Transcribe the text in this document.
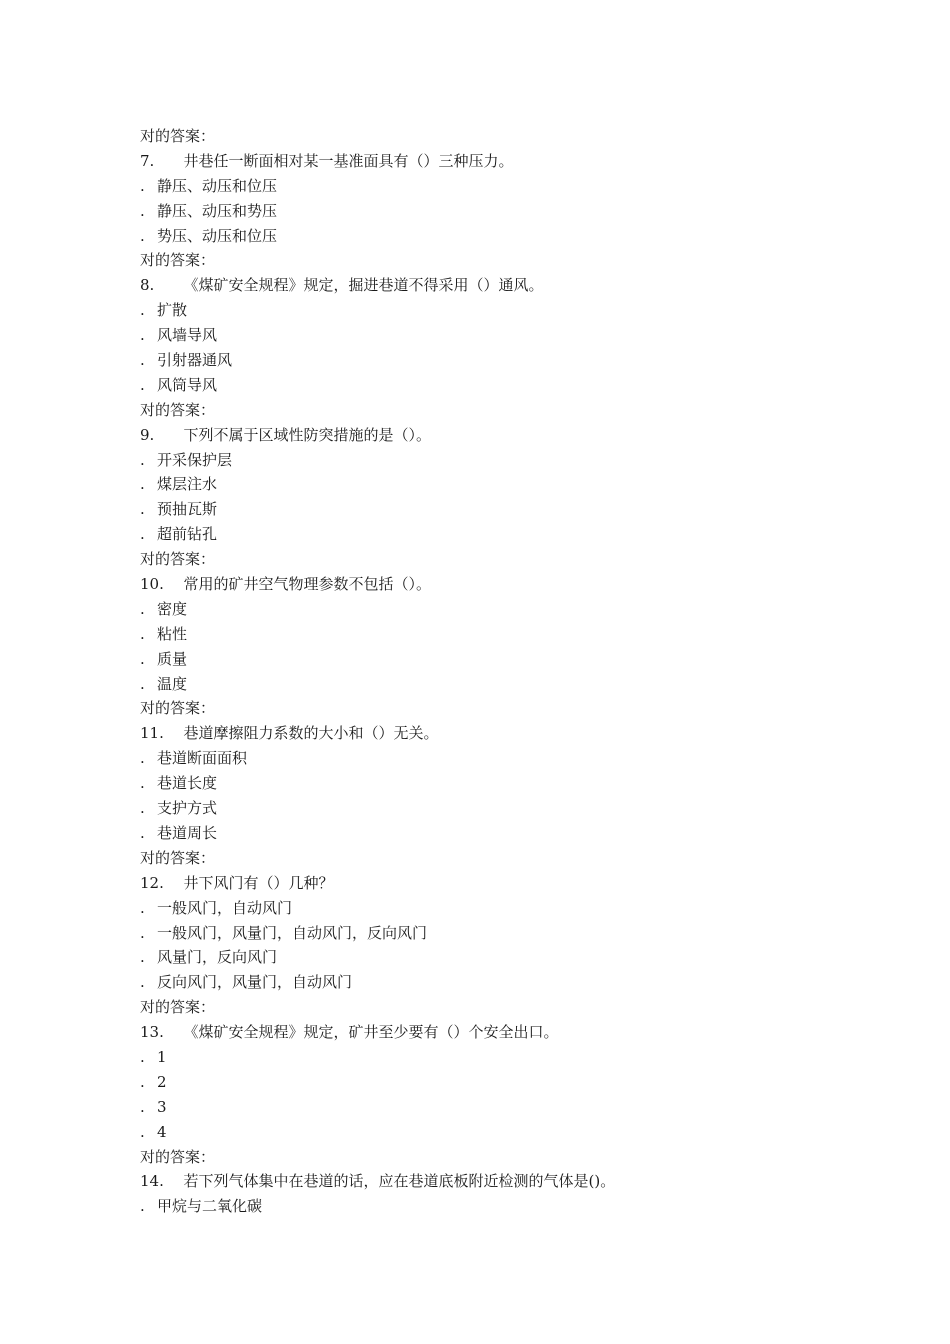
对的答案：
7. 井巷任一断面相对某一基准面具有（）三种压力。
. 静压、动压和位压
. 静压、动压和势压
. 势压、动压和位压
对的答案：
8. 《煤矿安全规程》规定，掘进巷道不得采用（）通风。
. 扩散
. 风墙导风
. 引射器通风
. 风筒导风
对的答案：
9. 下列不属于区域性防突措施的是（）。
. 开采保护层
. 煤层注水
. 预抽瓦斯
. 超前钻孔
对的答案：
10. 常用的矿井空气物理参数不包括（）。
. 密度
. 粘性
. 质量
. 温度
对的答案：
11. 巷道摩擦阻力系数的大小和（）无关。
. 巷道断面面积
. 巷道长度
. 支护方式
. 巷道周长
对的答案：
12. 井下风门有（）几种？
. 一般风门，自动风门
. 一般风门，风量门，自动风门，反向风门
. 风量门，反向风门
. 反向风门，风量门，自动风门
对的答案：
13. 《煤矿安全规程》规定，矿井至少要有（）个安全出口。
. 1
. 2
. 3
. 4
对的答案：
14. 若下列气体集中在巷道的话，应在巷道底板附近检测的气体是()。
. 甲烷与二氧化碳
